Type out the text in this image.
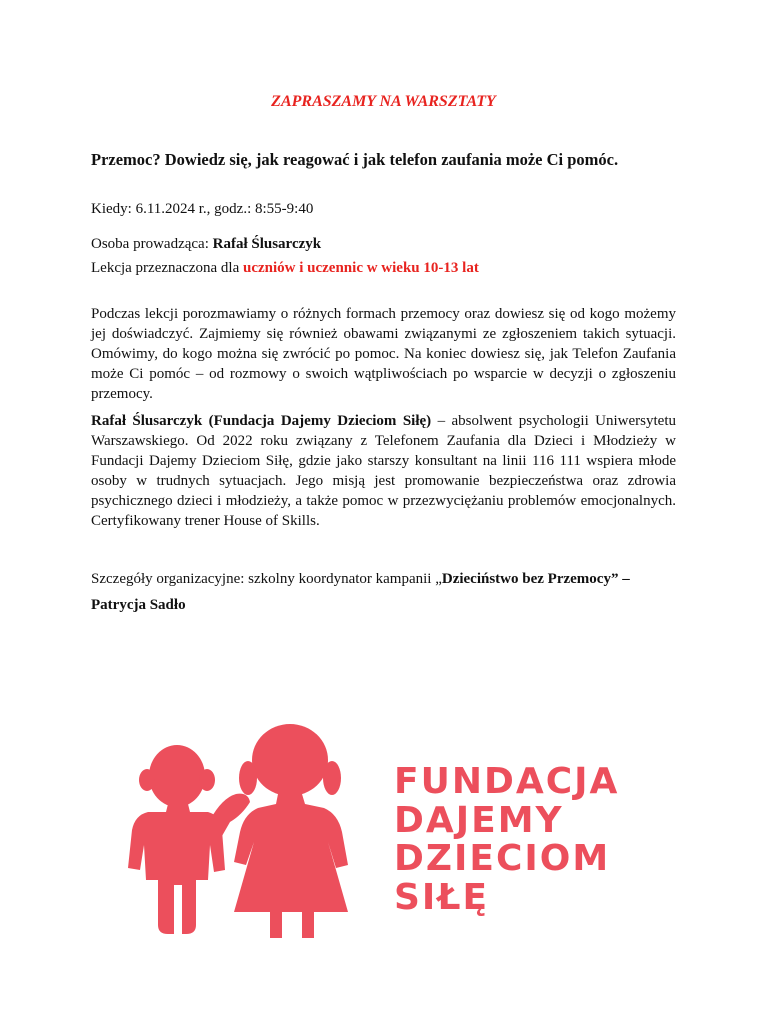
ZAPRASZAMY NA WARSZTATY
Przemoc? Dowiedz się, jak reagować i jak telefon zaufania może Ci pomóc.
Kiedy: 6.11.2024 r., godz.: 8:55-9:40
Osoba prowadząca: Rafał Ślusarczyk
Lekcja przeznaczona dla uczniów i uczennic w wieku 10-13 lat
Podczas lekcji porozmawiamy o różnych formach przemocy oraz dowiesz się od kogo możemy jej doświadczyć. Zajmiemy się również obawami związanymi ze zgłoszeniem takich sytuacji. Omówimy, do kogo można się zwrócić po pomoc. Na koniec dowiesz się, jak Telefon Zaufania może Ci pomóc – od rozmowy o swoich wątpliwościach po wsparcie w decyzji o zgłoszeniu przemocy.
Rafał Ślusarczyk (Fundacja Dajemy Dzieciom Siłę) – absolwent psychologii Uniwersytetu Warszawskiego. Od 2022 roku związany z Telefonem Zaufania dla Dzieci i Młodzieży w Fundacji Dajemy Dzieciom Siłę, gdzie jako starszy konsultant na linii 116 111 wspiera młode osoby w trudnych sytuacjach. Jego misją jest promowanie bezpieczeństwa oraz zdrowia psychicznego dzieci i młodzieży, a także pomoc w przezwyciężaniu problemów emocjonalnych. Certyfikowany trener House of Skills.
Szczegóły organizacyjne: szkolny koordynator kampanii „Dzieciństwo bez Przemocy” –
Patrycja Sadło
FUNDACJA
DAJEMY
DZIECIOM
SIŁĘ
